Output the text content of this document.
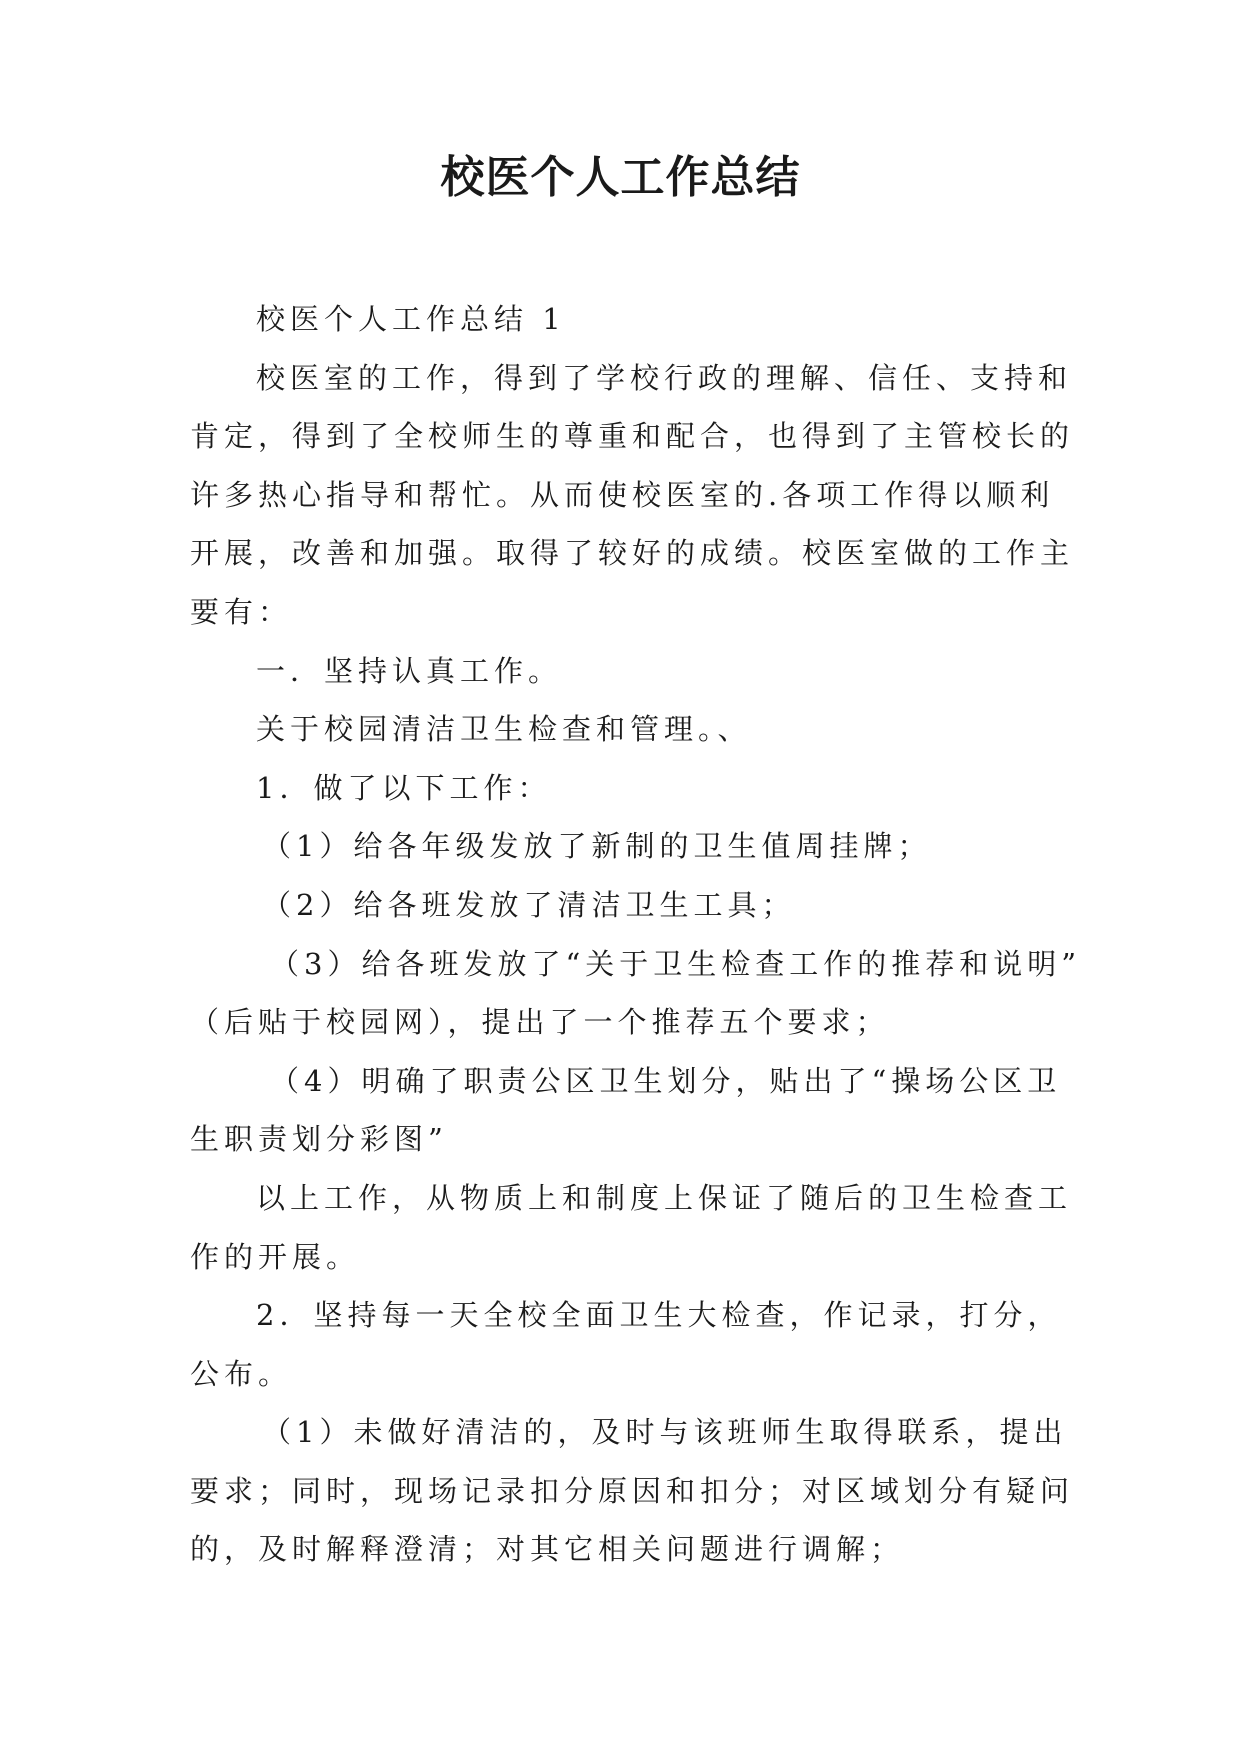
校医个人工作总结

校医个人工作总结 1

校医室的工作，得到了学校行政的理解、信任、支持和

肯定，得到了全校师生的尊重和配合，也得到了主管校长的

许多热心指导和帮忙。从而使校医室的.各项工作得以顺利

开展，改善和加强。取得了较好的成绩。校医室做的工作主

要有：

一．坚持认真工作。

关于校园清洁卫生检查和管理。、

1．做了以下工作：

（1）给各年级发放了新制的卫生值周挂牌；

（2）给各班发放了清洁卫生工具；

（3）给各班发放了“关于卫生检查工作的推荐和说明”

（后贴于校园网），提出了一个推荐五个要求；

（4）明确了职责公区卫生划分，贴出了“操场公区卫

生职责划分彩图”

以上工作，从物质上和制度上保证了随后的卫生检查工

作的开展。

2．坚持每一天全校全面卫生大检查，作记录，打分，

公布。

（1）未做好清洁的，及时与该班师生取得联系，提出

要求；同时，现场记录扣分原因和扣分；对区域划分有疑问

的，及时解释澄清；对其它相关问题进行调解；
